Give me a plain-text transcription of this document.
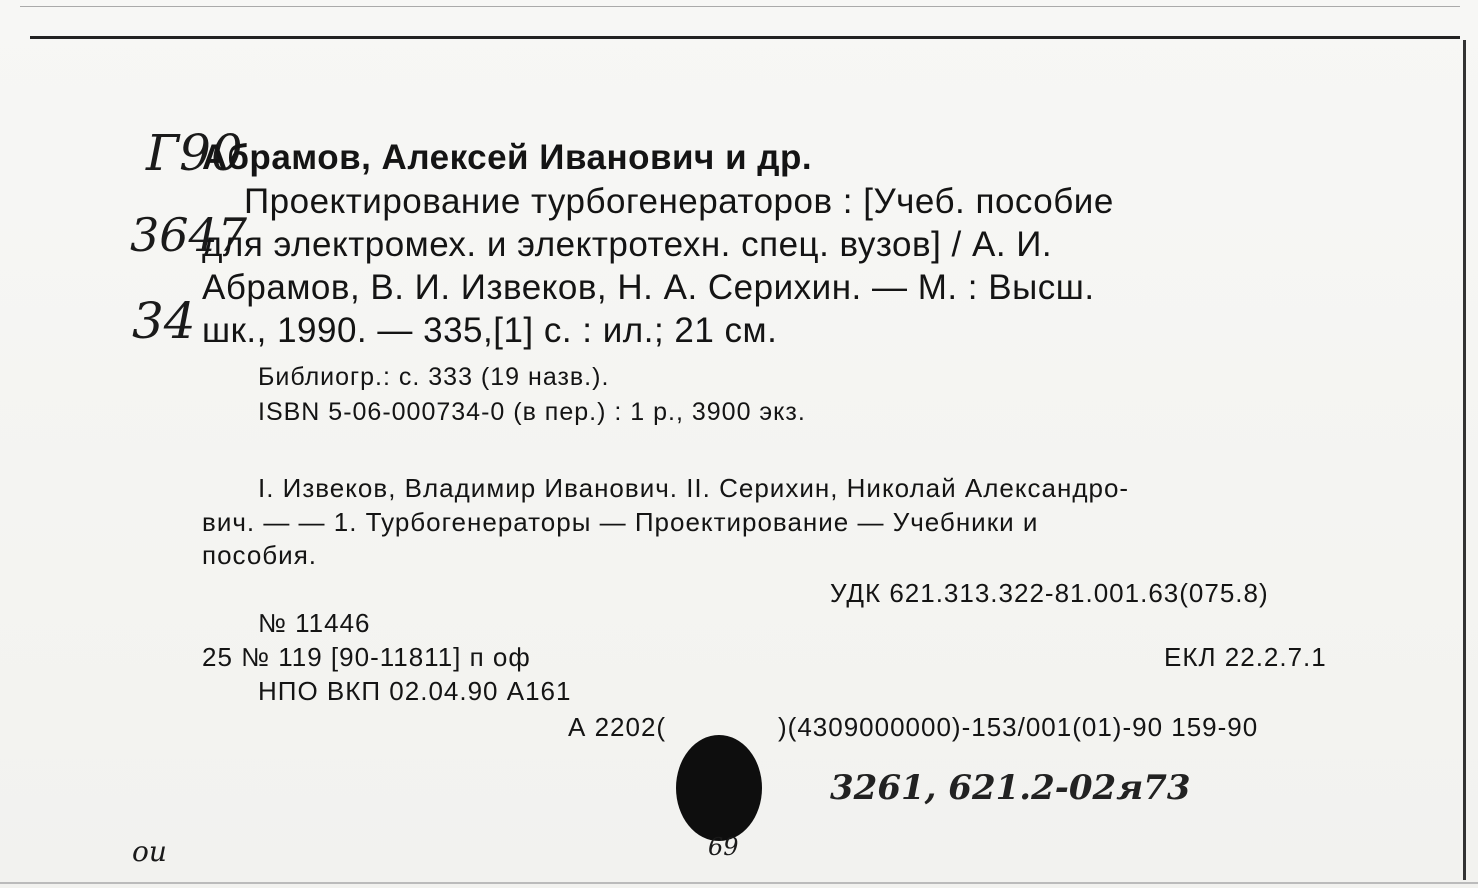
Г90
3647
34
Абрамов, Алексей Иванович и др.
Проектирование турбогенераторов : [Учеб. пособие
для электромех. и электротехн. спец. вузов] / А. И.
Абрамов, В. И. Извеков, Н. А. Серихин. — М. : Высш.
шк., 1990. — 335,[1] с. : ил.; 21 см.
Библиогр.: с. 333 (19 назв.).
ISBN 5-06-000734-0 (в пер.) : 1 р., 3900 экз.
I. Извеков, Владимир Иванович. II. Серихин, Николай Александро-
вич. — — 1. Турбогенераторы — Проектирование — Учебники и
пособия.
УДК 621.313.322-81.001.63(075.8)
№ 11446
25 № 119 [90-11811] п оф	ЕКЛ 22.2.7.1
НПО ВКП 02.04.90 А161
А 2202(	)(4309000000)-153/001(01)-90 159-90
3261, 621.2-02я73
ou	69
